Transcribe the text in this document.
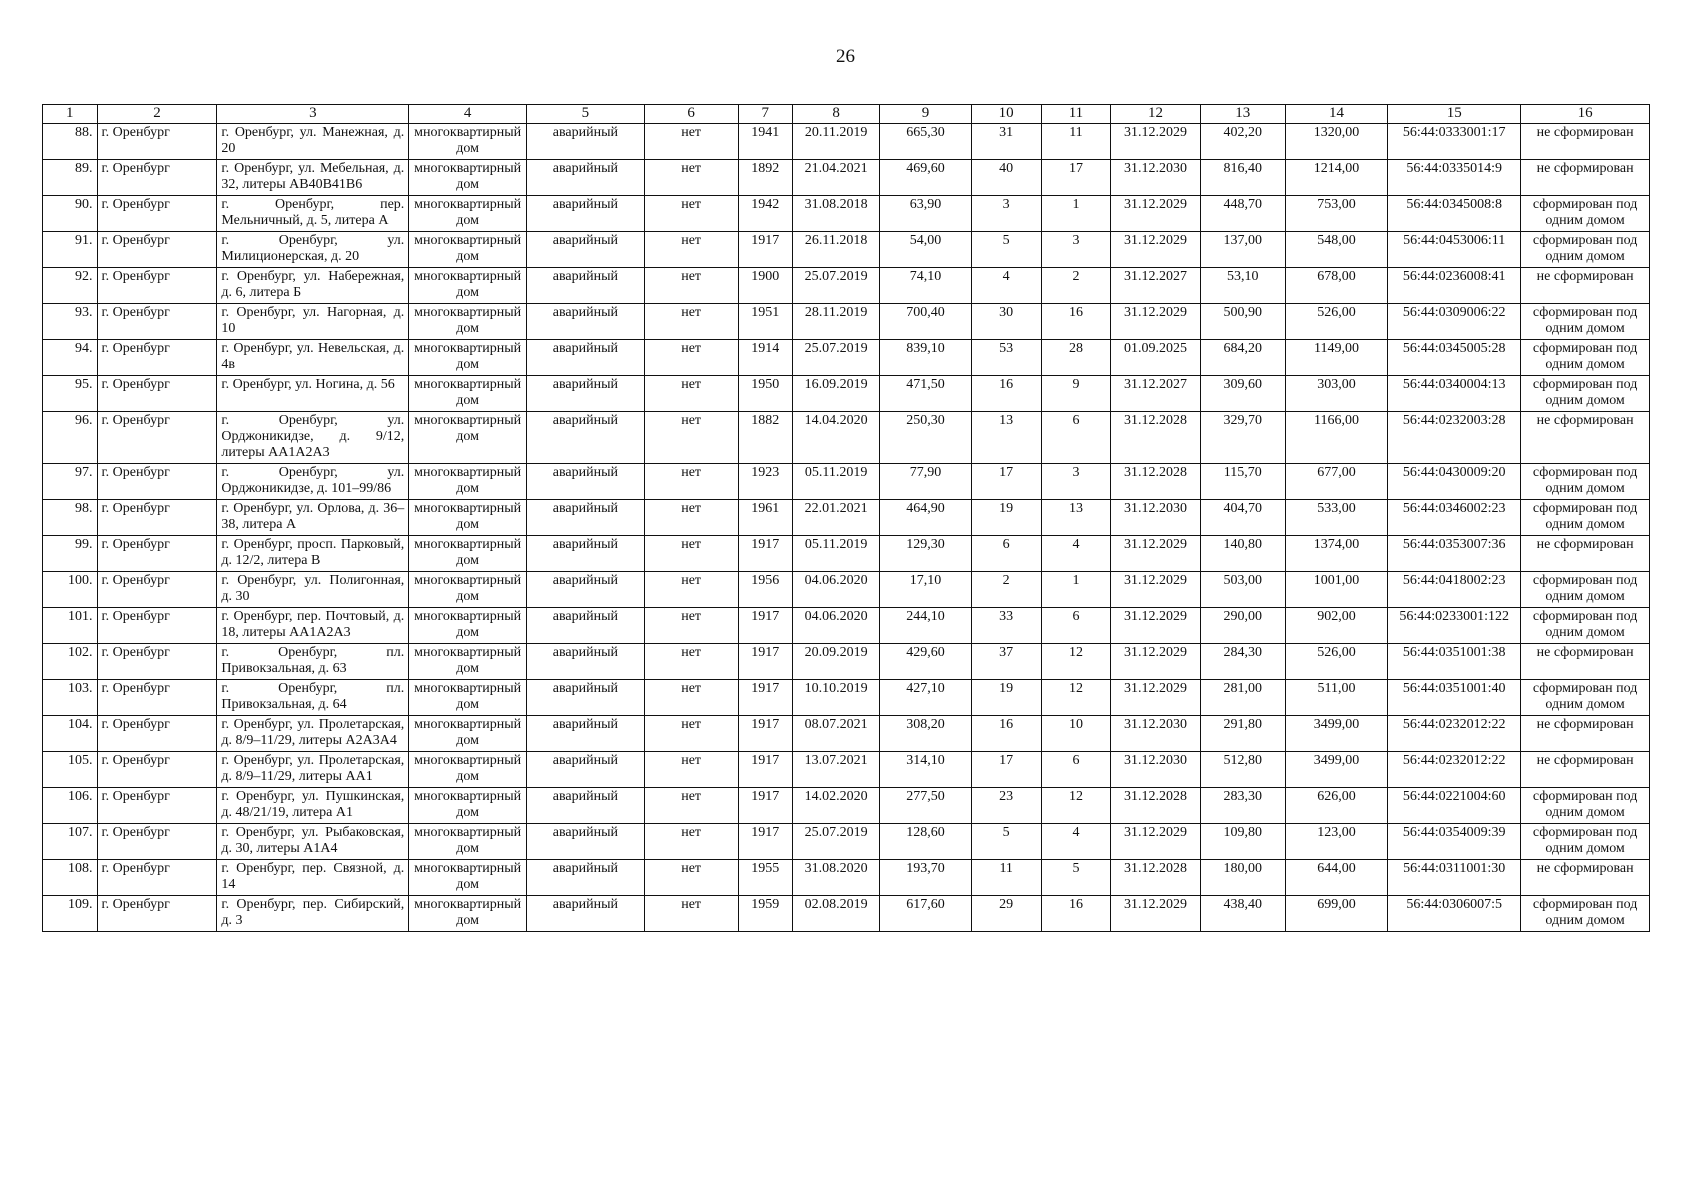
26
1	2	3	4	5	6	7	8	9	10	11	12	13	14	15	16
88.	г. Оренбург	г. Оренбург, ул. Манежная, д. 20	многоквартирный дом	аварийный	нет	1941	20.11.2019	665,30	31	11	31.12.2029	402,20	1320,00	56:44:0333001:17	не сформирован
89.	г. Оренбург	г. Оренбург, ул. Мебельная, д. 32, литеры АВ40В41В6	многоквартирный дом	аварийный	нет	1892	21.04.2021	469,60	40	17	31.12.2030	816,40	1214,00	56:44:0335014:9	не сформирован
90.	г. Оренбург	г. Оренбург, пер. Мельничный, д. 5, литера А	многоквартирный дом	аварийный	нет	1942	31.08.2018	63,90	3	1	31.12.2029	448,70	753,00	56:44:0345008:8	сформирован под одним домом
91.	г. Оренбург	г. Оренбург, ул. Милиционерская, д. 20	многоквартирный дом	аварийный	нет	1917	26.11.2018	54,00	5	3	31.12.2029	137,00	548,00	56:44:0453006:11	сформирован под одним домом
92.	г. Оренбург	г. Оренбург, ул. Набережная, д. 6, литера Б	многоквартирный дом	аварийный	нет	1900	25.07.2019	74,10	4	2	31.12.2027	53,10	678,00	56:44:0236008:41	не сформирован
93.	г. Оренбург	г. Оренбург, ул. Нагорная, д. 10	многоквартирный дом	аварийный	нет	1951	28.11.2019	700,40	30	16	31.12.2029	500,90	526,00	56:44:0309006:22	сформирован под одним домом
94.	г. Оренбург	г. Оренбург, ул. Невельская, д. 4в	многоквартирный дом	аварийный	нет	1914	25.07.2019	839,10	53	28	01.09.2025	684,20	1149,00	56:44:0345005:28	сформирован под одним домом
95.	г. Оренбург	г. Оренбург, ул. Ногина, д. 56	многоквартирный дом	аварийный	нет	1950	16.09.2019	471,50	16	9	31.12.2027	309,60	303,00	56:44:0340004:13	сформирован под одним домом
96.	г. Оренбург	г. Оренбург, ул. Орджоникидзе, д. 9/12, литеры АА1А2А3	многоквартирный дом	аварийный	нет	1882	14.04.2020	250,30	13	6	31.12.2028	329,70	1166,00	56:44:0232003:28	не сформирован
97.	г. Оренбург	г. Оренбург, ул. Орджоникидзе, д. 101–99/86	многоквартирный дом	аварийный	нет	1923	05.11.2019	77,90	17	3	31.12.2028	115,70	677,00	56:44:0430009:20	сформирован под одним домом
98.	г. Оренбург	г. Оренбург, ул. Орлова, д. 36–38, литера А	многоквартирный дом	аварийный	нет	1961	22.01.2021	464,90	19	13	31.12.2030	404,70	533,00	56:44:0346002:23	сформирован под одним домом
99.	г. Оренбург	г. Оренбург, просп. Парковый, д. 12/2, литера В	многоквартирный дом	аварийный	нет	1917	05.11.2019	129,30	6	4	31.12.2029	140,80	1374,00	56:44:0353007:36	не сформирован
100.	г. Оренбург	г. Оренбург, ул. Полигонная, д. 30	многоквартирный дом	аварийный	нет	1956	04.06.2020	17,10	2	1	31.12.2029	503,00	1001,00	56:44:0418002:23	сформирован под одним домом
101.	г. Оренбург	г. Оренбург, пер. Почтовый, д. 18, литеры АА1А2А3	многоквартирный дом	аварийный	нет	1917	04.06.2020	244,10	33	6	31.12.2029	290,00	902,00	56:44:0233001:122	сформирован под одним домом
102.	г. Оренбург	г. Оренбург, пл. Привокзальная, д. 63	многоквартирный дом	аварийный	нет	1917	20.09.2019	429,60	37	12	31.12.2029	284,30	526,00	56:44:0351001:38	не сформирован
103.	г. Оренбург	г. Оренбург, пл. Привокзальная, д. 64	многоквартирный дом	аварийный	нет	1917	10.10.2019	427,10	19	12	31.12.2029	281,00	511,00	56:44:0351001:40	сформирован под одним домом
104.	г. Оренбург	г. Оренбург, ул. Пролетарская, д. 8/9–11/29, литеры А2А3А4	многоквартирный дом	аварийный	нет	1917	08.07.2021	308,20	16	10	31.12.2030	291,80	3499,00	56:44:0232012:22	не сформирован
105.	г. Оренбург	г. Оренбург, ул. Пролетарская, д. 8/9–11/29, литеры АА1	многоквартирный дом	аварийный	нет	1917	13.07.2021	314,10	17	6	31.12.2030	512,80	3499,00	56:44:0232012:22	не сформирован
106.	г. Оренбург	г. Оренбург, ул. Пушкинская, д. 48/21/19, литера А1	многоквартирный дом	аварийный	нет	1917	14.02.2020	277,50	23	12	31.12.2028	283,30	626,00	56:44:0221004:60	сформирован под одним домом
107.	г. Оренбург	г. Оренбург, ул. Рыбаковская, д. 30, литеры А1А4	многоквартирный дом	аварийный	нет	1917	25.07.2019	128,60	5	4	31.12.2029	109,80	123,00	56:44:0354009:39	сформирован под одним домом
108.	г. Оренбург	г. Оренбург, пер. Связной, д. 14	многоквартирный дом	аварийный	нет	1955	31.08.2020	193,70	11	5	31.12.2028	180,00	644,00	56:44:0311001:30	не сформирован
109.	г. Оренбург	г. Оренбург, пер. Сибирский, д. 3	многоквартирный дом	аварийный	нет	1959	02.08.2019	617,60	29	16	31.12.2029	438,40	699,00	56:44:0306007:5	сформирован под одним домом
